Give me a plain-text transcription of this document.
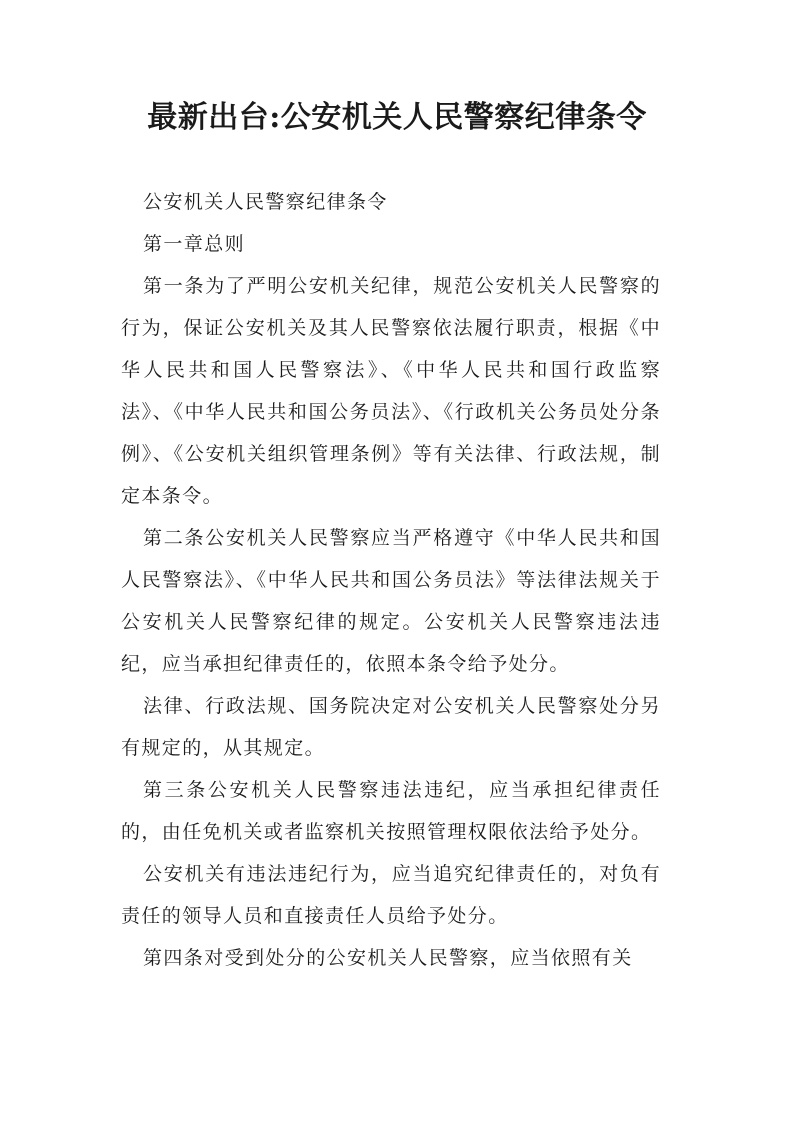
最新出台:公安机关人民警察纪律条令

公安机关人民警察纪律条令

第一章总则

第一条为了严明公安机关纪律，规范公安机关人民警察的行为，保证公安机关及其人民警察依法履行职责，根据《中华人民共和国人民警察法》、《中华人民共和国行政监察法》、《中华人民共和国公务员法》、《行政机关公务员处分条例》、《公安机关组织管理条例》等有关法律、行政法规，制定本条令。

第二条公安机关人民警察应当严格遵守《中华人民共和国人民警察法》、《中华人民共和国公务员法》等法律法规关于公安机关人民警察纪律的规定。公安机关人民警察违法违纪，应当承担纪律责任的，依照本条令给予处分。

法律、行政法规、国务院决定对公安机关人民警察处分另有规定的，从其规定。

第三条公安机关人民警察违法违纪，应当承担纪律责任的，由任免机关或者监察机关按照管理权限依法给予处分。

公安机关有违法违纪行为，应当追究纪律责任的，对负有责任的领导人员和直接责任人员给予处分。

第四条对受到处分的公安机关人民警察，应当依照有关
